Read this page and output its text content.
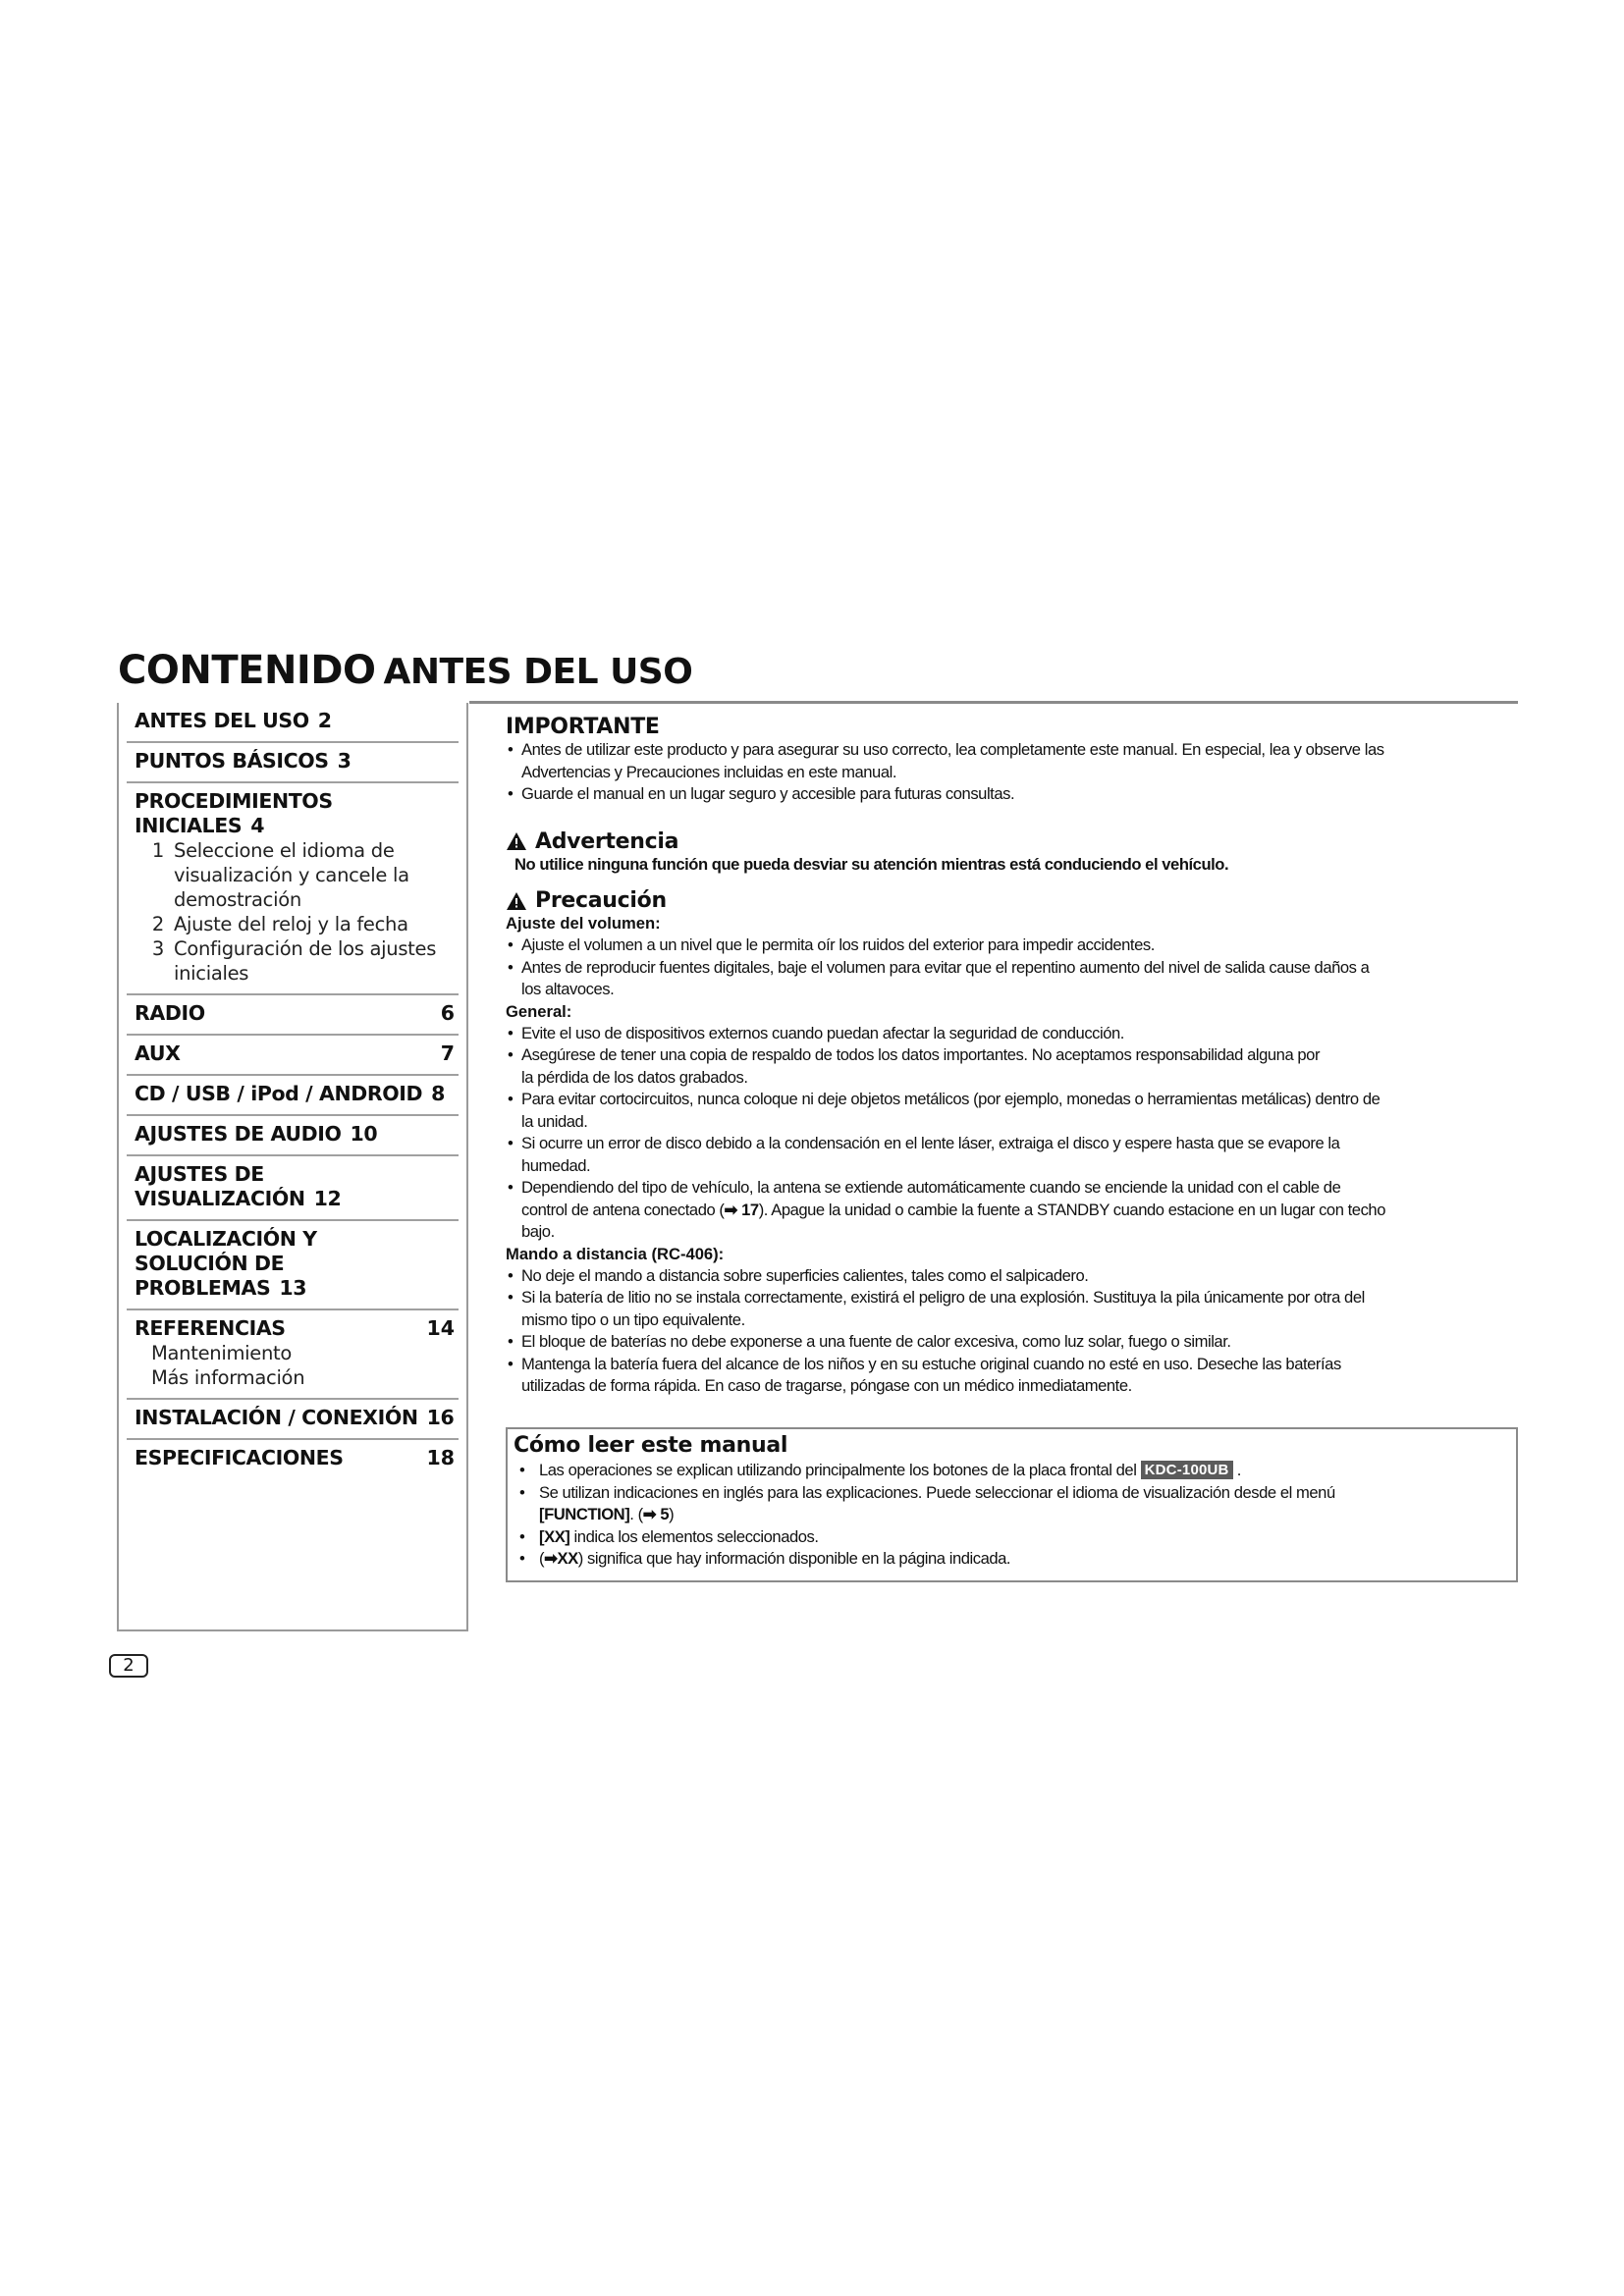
CONTENIDO ANTES DEL USO
ANTES DEL USO 2
PUNTOS BÁSICOS 3
PROCEDIMIENTOS INICIALES 4
1 Seleccione el idioma de
visualización y cancele la
demostración
2 Ajuste del reloj y la fecha
3 Configuración de los ajustes
iniciales
RADIO	6
AUX	7
CD / USB / iPod / ANDROID 8
AJUSTES DE AUDIO 10
AJUSTES DE VISUALIZACIÓN 12
LOCALIZACIÓN Y
SOLUCIÓN DE PROBLEMAS 13
REFERENCIAS	14
Mantenimiento
Más información
INSTALACIÓN / CONEXIÓN 16
ESPECIFICACIONES	18
IMPORTANTE
• Antes de utilizar este producto y para asegurar su uso correcto, lea completamente este manual. En especial, lea y observe las
Advertencias y Precauciones incluidas en este manual.
• Guarde el manual en un lugar seguro y accesible para futuras consultas.
Advertencia
No utilice ninguna función que pueda desviar su atención mientras está conduciendo el vehículo.
Precaución
Ajuste del volumen:
• Ajuste el volumen a un nivel que le permita oír los ruidos del exterior para impedir accidentes.
• Antes de reproducir fuentes digitales, baje el volumen para evitar que el repentino aumento del nivel de salida cause daños a
los altavoces.
General:
• Evite el uso de dispositivos externos cuando puedan afectar la seguridad de conducción.
• Asegúrese de tener una copia de respaldo de todos los datos importantes. No aceptamos responsabilidad alguna por
la pérdida de los datos grabados.
• Para evitar cortocircuitos, nunca coloque ni deje objetos metálicos (por ejemplo, monedas o herramientas metálicas) dentro de
la unidad.
• Si ocurre un error de disco debido a la condensación en el lente láser, extraiga el disco y espere hasta que se evapore la
humedad.
• Dependiendo del tipo de vehículo, la antena se extiende automáticamente cuando se enciende la unidad con el cable de
control de antena conectado (➡ 17). Apague la unidad o cambie la fuente a STANDBY cuando estacione en un lugar con techo
bajo.
Mando a distancia (RC-406):
• No deje el mando a distancia sobre superficies calientes, tales como el salpicadero.
• Si la batería de litio no se instala correctamente, existirá el peligro de una explosión. Sustituya la pila únicamente por otra del
mismo tipo o un tipo equivalente.
• El bloque de baterías no debe exponerse a una fuente de calor excesiva, como luz solar, fuego o similar.
• Mantenga la batería fuera del alcance de los niños y en su estuche original cuando no esté en uso. Deseche las baterías
utilizadas de forma rápida. En caso de tragarse, póngase con un médico inmediatamente.
Cómo leer este manual
• Las operaciones se explican utilizando principalmente los botones de la placa frontal del KDC-100UB .
• Se utilizan indicaciones en inglés para las explicaciones. Puede seleccionar el idioma de visualización desde el menú
[FUNCTION]. (➡ 5)
• [XX] indica los elementos seleccionados.
• (➡XX) significa que hay información disponible en la página indicada.
2
